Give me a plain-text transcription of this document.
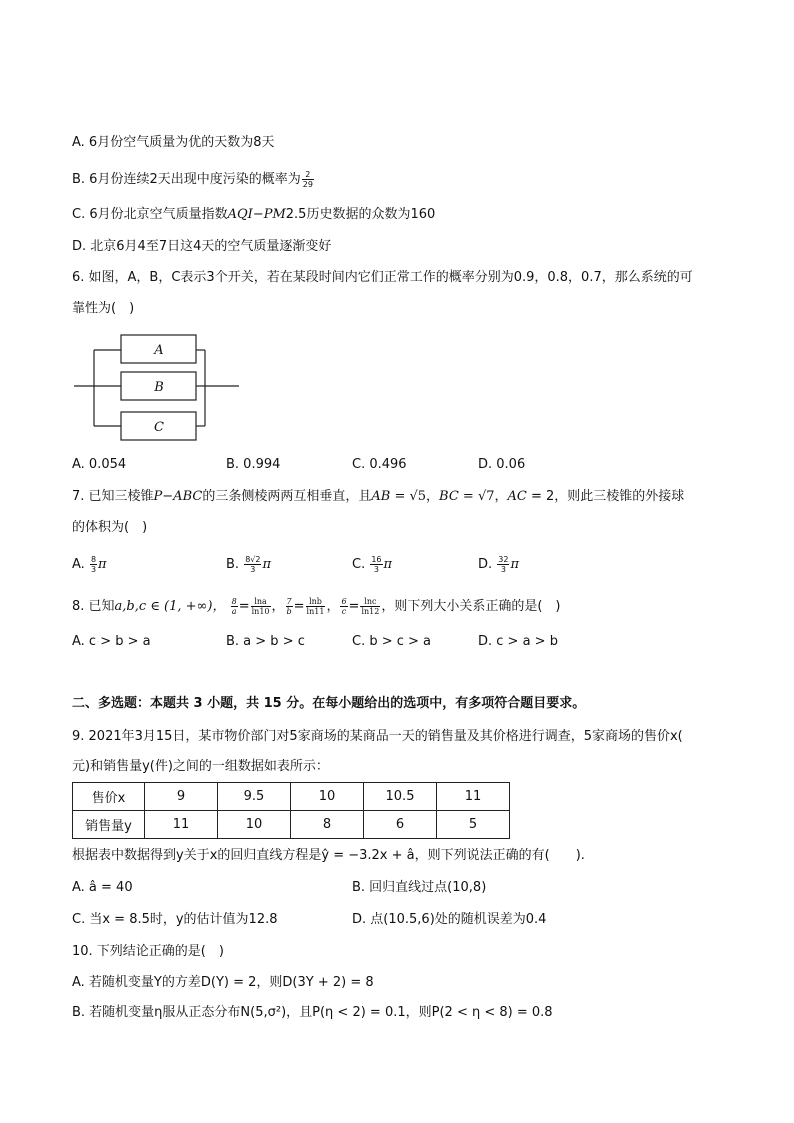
A. 6月份空气质量为优的天数为8天
B. 6月份连续2天出现中度污染的概率为 $\frac{2}{29}$
C. 6月份北京空气质量指数AQI−PM2.5历史数据的众数为160
D. 北京6月4至7日这4天的空气质量逐渐变好
6. 如图，A，B，C表示3个开关，若在某段时间内它们正常工作的概率分别为0.9，0.8，0.7，那么系统的可
靠性为(　)
A
B
C
A. 0.054	B. 0.994	C. 0.496	D. 0.06
7. 已知三棱锥P−ABC的三条侧棱两两互相垂直，且AB = √5，BC = √7，AC = 2，则此三棱锥的外接球
的体积为(　)
A. $\frac{8}{3}$ π	B. $\frac{8√2}{3}$ π	C. $\frac{16}{3}$ π	D. $\frac{32}{3}$ π
8. 已知a,b,c ∈ (1, +∞)， $\frac{8}{a} = \frac{\ln a}{\ln 10}$ ， $\frac{7}{b} = \frac{\ln b}{\ln 11}$ ， $\frac{6}{c} = \frac{\ln c}{\ln 12}$ ，则下列大小关系正确的是(　)
A. c > b > a	B. a > b > c	C. b > c > a	D. c > a > b
二、多选题：本题共 3 小题，共 15 分。在每小题给出的选项中，有多项符合题目要求。
9. 2021年3月15日，某市物价部门对5家商场的某商品一天的销售量及其价格进行调查，5家商场的售价x(
元)和销售量y(件)之间的一组数据如表所示：
售价x	9	9.5	10	10.5	11
销售量y	11	10	8	6	5
根据表中数据得到y关于x的回归直线方程是ŷ = −3.2x + â，则下列说法正确的有(　　).
A. â = 40	B. 回归直线过点(10,8)
C. 当x = 8.5时，y的估计值为12.8	D. 点(10.5,6)处的随机误差为0.4
10. 下列结论正确的是(　)
A. 若随机变量Y的方差D(Y) = 2，则D(3Y + 2) = 8
B. 若随机变量η服从正态分布N(5,σ²)，且P(η < 2) = 0.1，则P(2 < η < 8) = 0.8
